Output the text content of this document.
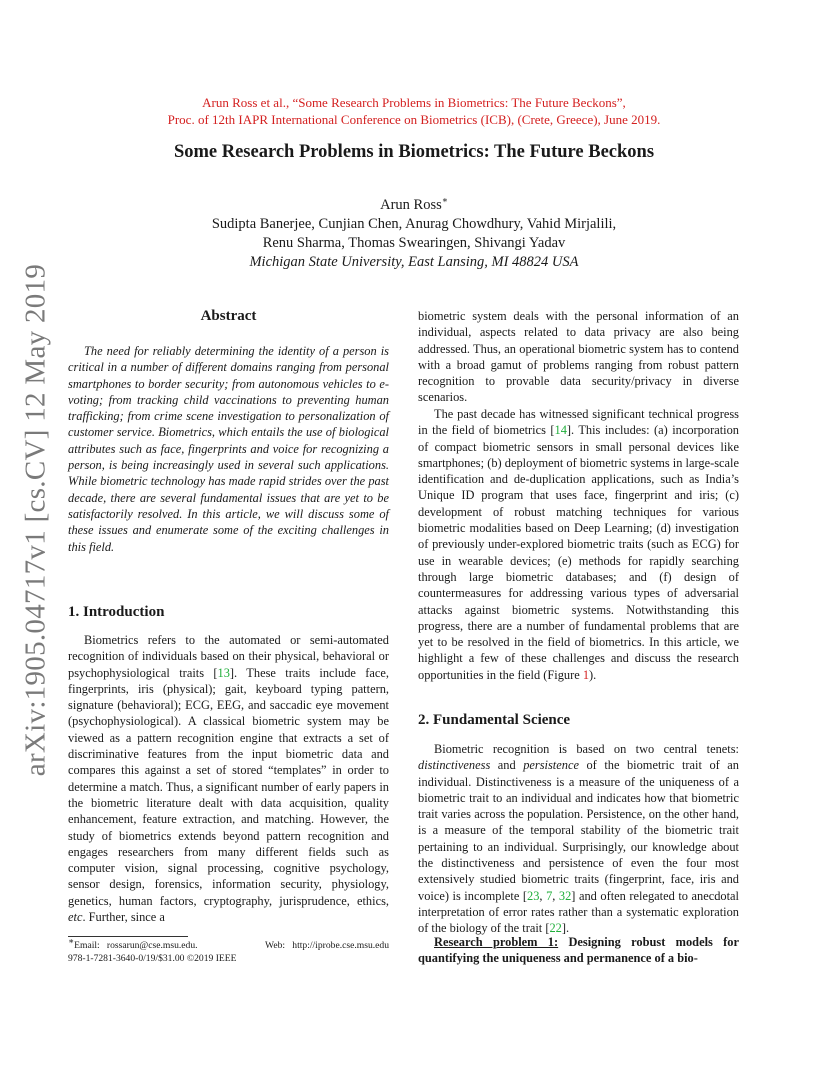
arXiv:1905.04717v1 [cs.CV] 12 May 2019
Arun Ross et al., “Some Research Problems in Biometrics: The Future Beckons”,
Proc. of 12th IAPR International Conference on Biometrics (ICB), (Crete, Greece), June 2019.
Some Research Problems in Biometrics: The Future Beckons
Arun Ross∗
Sudipta Banerjee, Cunjian Chen, Anurag Chowdhury, Vahid Mirjalili,
Renu Sharma, Thomas Swearingen, Shivangi Yadav
Michigan State University, East Lansing, MI 48824 USA
Abstract
The need for reliably determining the identity of a person is critical in a number of different domains ranging from personal smartphones to border security; from autonomous vehicles to e-voting; from tracking child vaccinations to preventing human trafficking; from crime scene investigation to personalization of customer service. Biometrics, which entails the use of biological attributes such as face, fingerprints and voice for recognizing a person, is being increasingly used in several such applications. While biometric technology has made rapid strides over the past decade, there are several fundamental issues that are yet to be satisfactorily resolved. In this article, we will discuss some of these issues and enumerate some of the exciting challenges in this field.
1. Introduction
Biometrics refers to the automated or semi-automated recognition of individuals based on their physical, behavioral or psychophysiological traits [13]. These traits include face, fingerprints, iris (physical); gait, keyboard typing pattern, signature (behavioral); ECG, EEG, and saccadic eye movement (psychophysiological). A classical biometric system may be viewed as a pattern recognition engine that extracts a set of discriminative features from the input biometric data and compares this against a set of stored “templates” in order to determine a match. Thus, a significant number of early papers in the biometric literature dealt with data acquisition, quality enhancement, feature extraction, and matching. However, the study of biometrics extends beyond pattern recognition and engages researchers from many different fields such as computer vision, signal processing, cognitive psychology, sensor design, forensics, information security, physiology, genetics, human factors, cryptography, jurisprudence, ethics, etc. Further, since a
∗Email: rossarun@cse.msu.edu.	Web: http://iprobe.cse.msu.edu
978-1-7281-3640-0/19/$31.00 ©2019 IEEE
biometric system deals with the personal information of an individual, aspects related to data privacy are also being addressed. Thus, an operational biometric system has to contend with a broad gamut of problems ranging from robust pattern recognition to provable data security/privacy in diverse scenarios.
The past decade has witnessed significant technical progress in the field of biometrics [14]. This includes: (a) incorporation of compact biometric sensors in small personal devices like smartphones; (b) deployment of biometric systems in large-scale identification and de-duplication applications, such as India’s Unique ID program that uses face, fingerprint and iris; (c) development of robust matching techniques for various biometric modalities based on Deep Learning; (d) investigation of previously under-explored biometric traits (such as ECG) for use in wearable devices; (e) methods for rapidly searching through large biometric databases; and (f) design of countermeasures for addressing various types of adversarial attacks against biometric systems. Notwithstanding this progress, there are a number of fundamental problems that are yet to be resolved in the field of biometrics. In this article, we highlight a few of these challenges and discuss the research opportunities in the field (Figure 1).
2. Fundamental Science
Biometric recognition is based on two central tenets: distinctiveness and persistence of the biometric trait of an individual. Distinctiveness is a measure of the uniqueness of a biometric trait to an individual and indicates how that biometric trait varies across the population. Persistence, on the other hand, is a measure of the temporal stability of the biometric trait pertaining to an individual. Surprisingly, our knowledge about the distinctiveness and persistence of even the four most extensively studied biometric traits (fingerprint, face, iris and voice) is incomplete [23, 7, 32] and often relegated to anecdotal interpretation of error rates rather than a systematic exploration of the biology of the trait [22].
Research problem 1: Designing robust models for quantifying the uniqueness and permanence of a bio-
